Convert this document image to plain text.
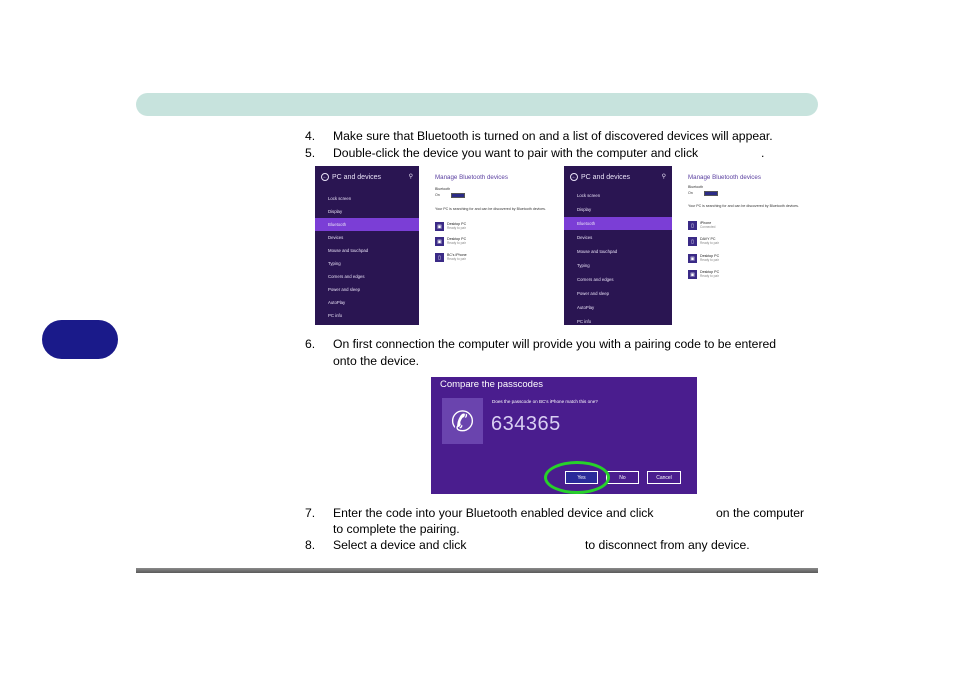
4. Make sure that Bluetooth is turned on and a list of discovered devices will appear.
5. Double-click the device you want to pair with the computer and click	.
← PC and devices	⚲
Lock screen
Display
Bluetooth
Devices
Mouse and touchpad
Typing
Corners and edges
Power and sleep
AutoPlay
PC info
Manage Bluetooth devices
Bluetooth
On
Your PC is searching for and can be discovered by Bluetooth devices.
▣	Desktop PC
Ready to pair
▣	Desktop PC
Ready to pair
▯	BC's iPhone
Ready to pair
← PC and devices	⚲
Lock screen
Display
Bluetooth
Devices
Mouse and touchpad
Typing
Corners and edges
Power and sleep
AutoPlay
PC info
Manage Bluetooth devices
Bluetooth
On
Your PC is searching for and can be discovered by Bluetooth devices.
▯	iPhone
Connected
▯	DAVY PC
Ready to pair
▣	Desktop PC
Ready to pair
▣	Desktop PC
Ready to pair
6. On first connection the computer will provide you with a pairing code to be entered
onto the device.
Compare the passcodes
✆
Does the passcode on BC's iPhone match this one?
634365
Yes	No	Cancel
7. Enter the code into your Bluetooth enabled device and click	on the computer
to complete the pairing.
8. Select a device and click	to disconnect from any device.
